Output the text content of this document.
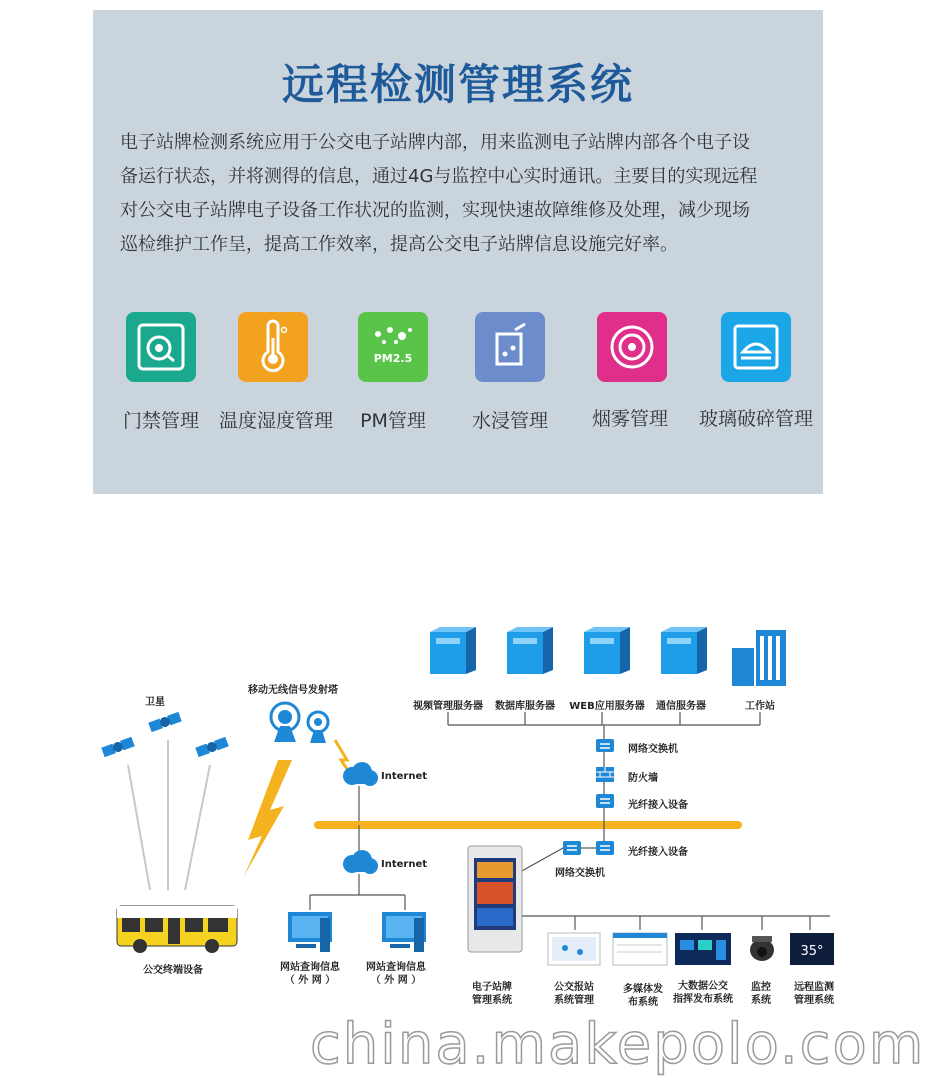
远程检测管理系统
电子站牌检测系统应用于公交电子站牌内部，用来监测电子站牌内部各个电子设
备运行状态，并将测得的信息，通过4G与监控中心实时通讯。主要目的实现远程
对公交电子站牌电子设备工作状况的监测，实现快速故障维修及处理，减少现场
巡检维护工作呈，提高工作效率，提高公交电子站牌信息设施完好率。
PM2.5
门禁管理	温度湿度管理	PM管理	水浸管理	烟雾管理	玻璃破碎管理
35°
卫星
移动无线信号发射塔
Internet
Internet
公交终端设备
视频管理服务器	数据库服务器	WEB应用服务器	通信服务器	工作站
网络交换机
防火墙
光纤接入设备
光纤接入设备
网络交换机
网站查询信息
（ 外 网 ）
网站查询信息
（ 外 网 ）
电子站牌
管理系统
公交报站
系统管理
多媒体发
布系统
大数据公交
指挥发布系统
监控
系统
远程监测
管理系统
china.makepolo.com
